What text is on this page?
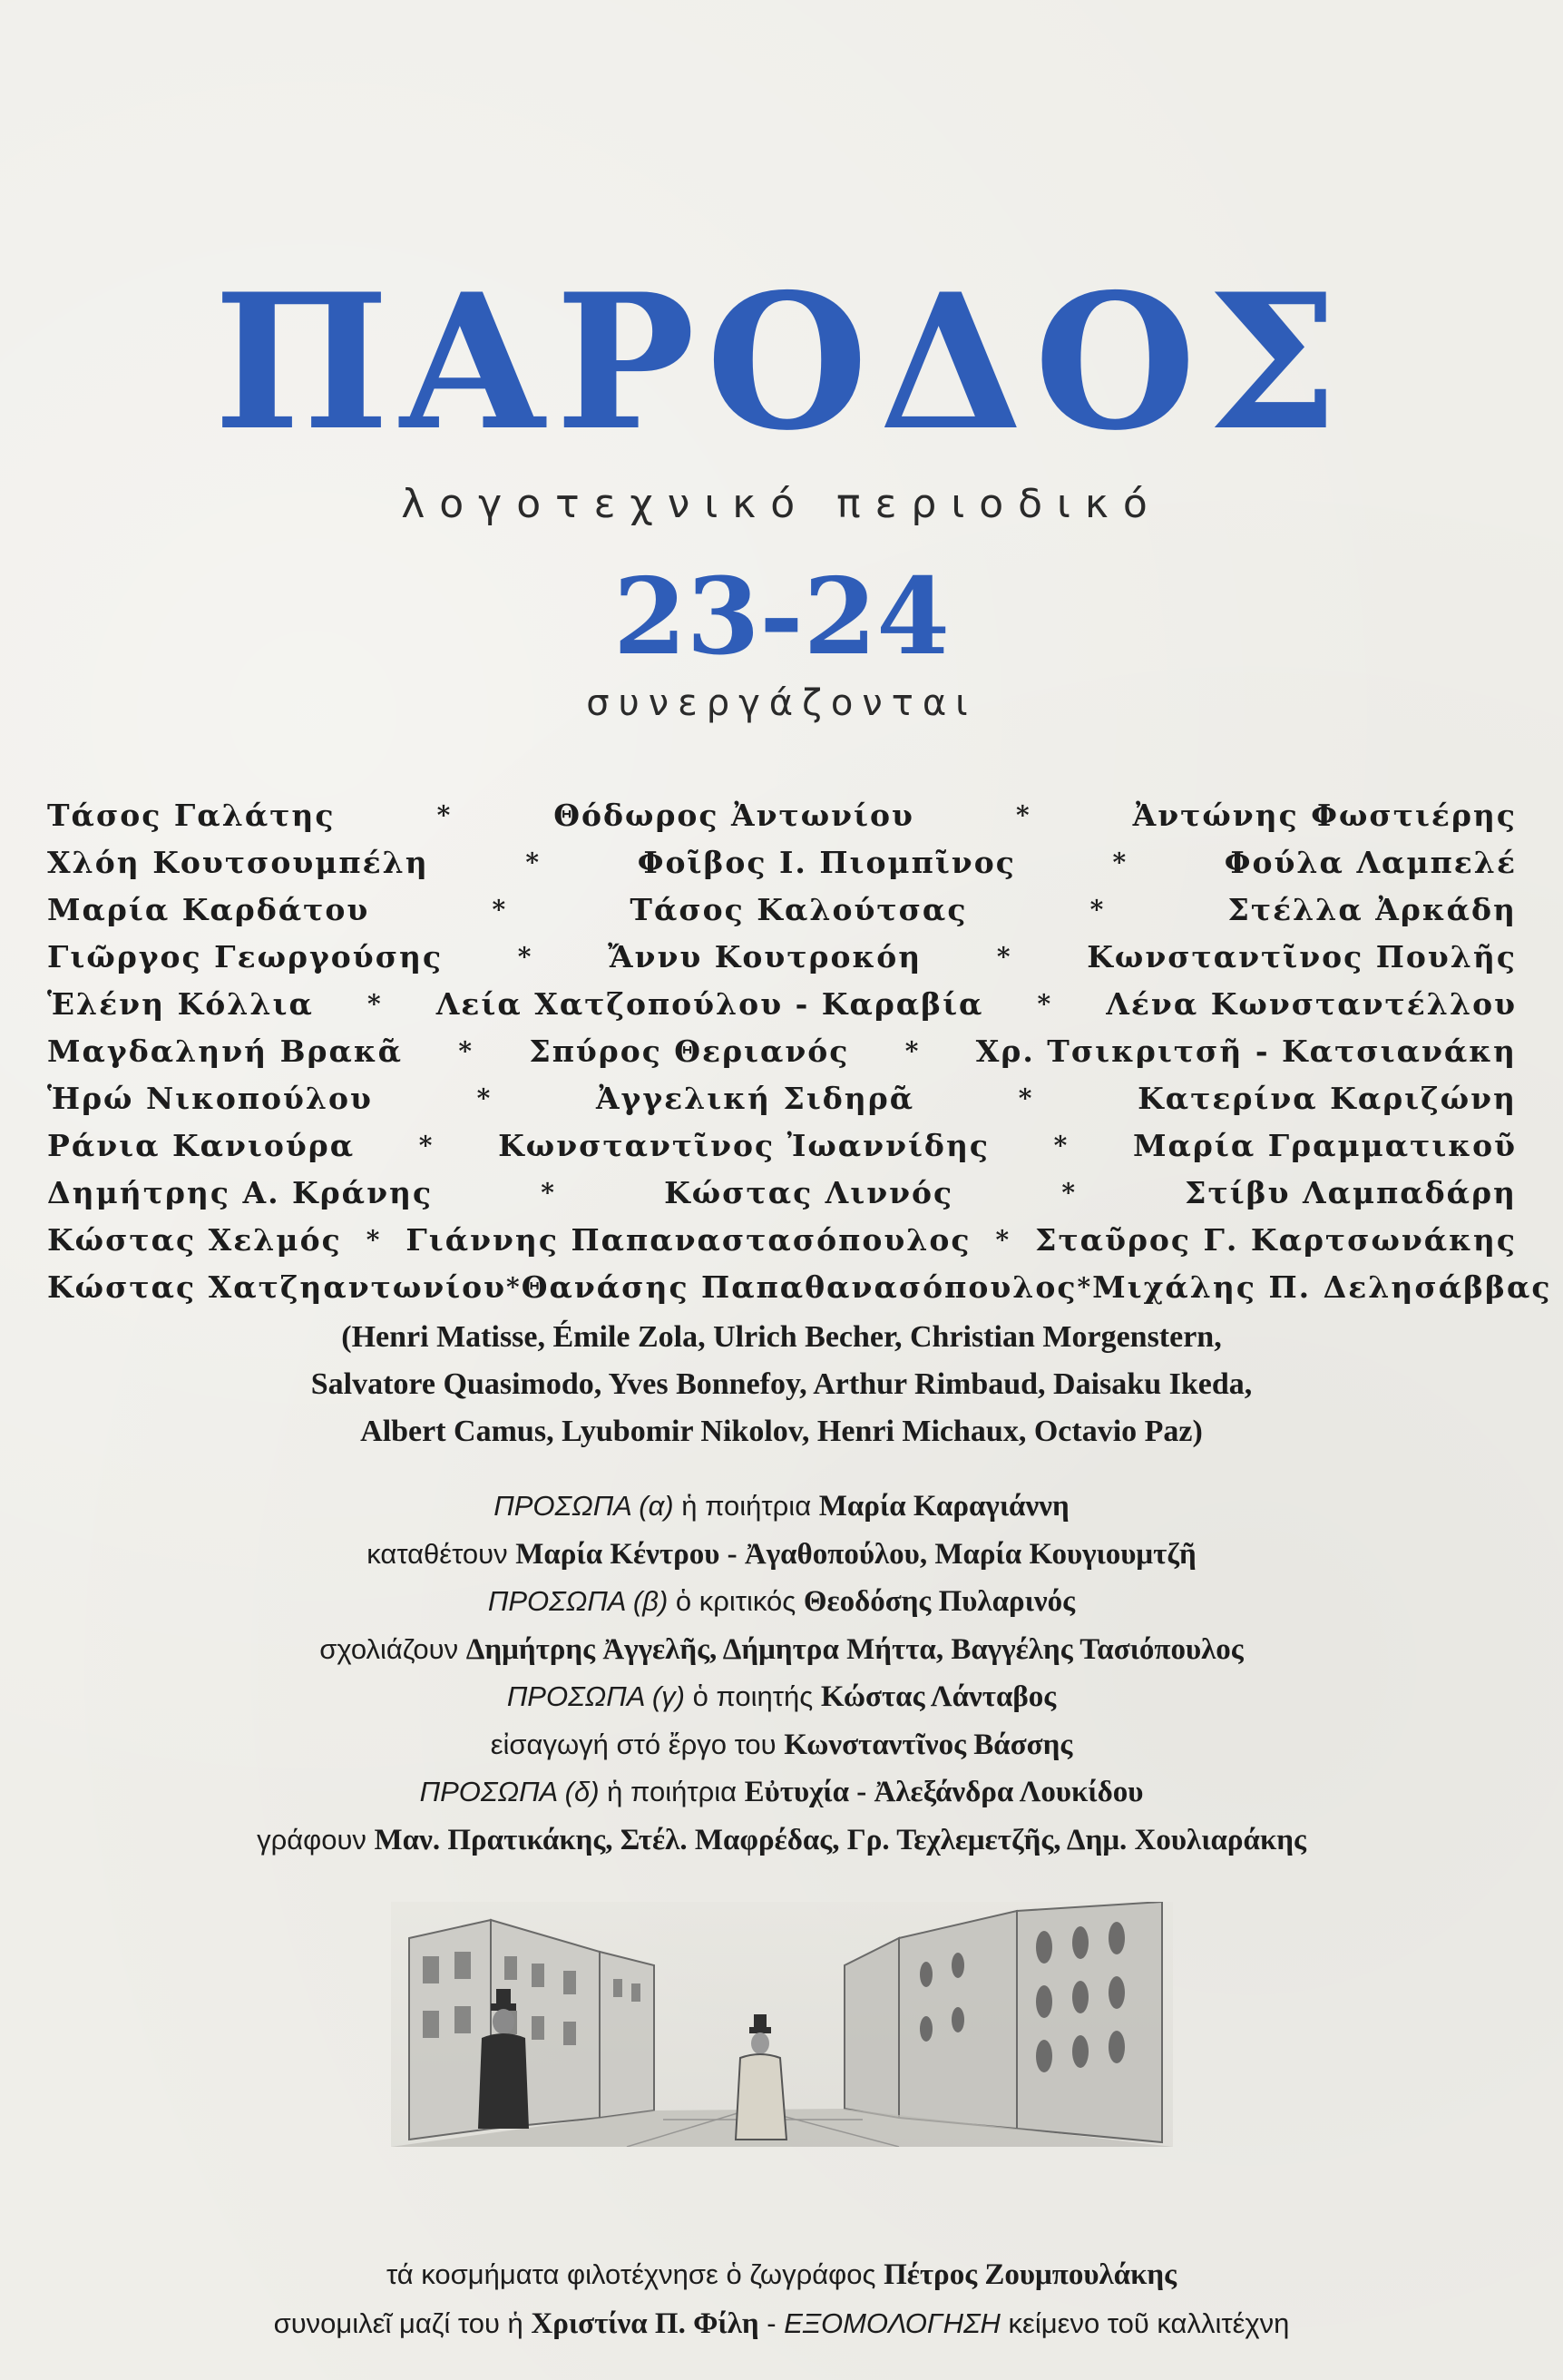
ΠΑΡΟΔΟΣ
λογοτεχνικό περιοδικό
23-24
συνεργάζονται
Τάσος Γαλάτης	*	Θόδωρος Ἀντωνίου	*	Ἀντώνης Φωστιέρης
Χλόη Κουτσουμπέλη	*	Φοῖβος Ι. Πιομπῖνος	*	Φούλα Λαμπελέ
Μαρία Καρδάτου	*	Τάσος Καλούτσας	*	Στέλλα Ἀρκάδη
Γιῶργος Γεωργούσης	*	Ἄννυ Κουτροκόη	*	Κωνσταντῖνος Πουλῆς
Ἑλένη Κόλλια	*	Λεία Χατζοπούλου - Καραβία	*	Λένα Κωνσταντέλλου
Μαγδαληνή Βρακᾶ	*	Σπύρος Θεριανός	*	Χρ. Τσικριτσῆ - Κατσιανάκη
Ἡρώ Νικοπούλου	*	Ἀγγελική Σιδηρᾶ	*	Κατερίνα Καριζώνη
Ράνια Κανιούρα	*	Κωνσταντῖνος Ἰωαννίδης	*	Μαρία Γραμματικοῦ
Δημήτρης Α. Κράνης	*	Κώστας Λιννός	*	Στίβυ Λαμπαδάρη
Κώστας Χελμός * Γιάννης Παπαναστασόπουλος * Σταῦρος Γ. Καρτσωνάκης
Κώστας Χατζηαντωνίου * Θανάσης Παπαθανασόπουλος * Μιχάλης Π. Δελησάββας
(Henri Matisse, Émile Zola, Ulrich Becher, Christian Morgenstern,
Salvatore Quasimodo, Yves Bonnefoy, Arthur Rimbaud, Daisaku Ikeda,
Albert Camus, Lyubomir Nikolov, Henri Michaux, Octavio Paz)
ΠΡΟΣΩΠΑ (α) ἡ ποιήτρια Μαρία Καραγιάννη
καταθέτουν Μαρία Κέντρου - Ἀγαθοπούλου, Μαρία Κουγιουμτζῆ
ΠΡΟΣΩΠΑ (β) ὁ κριτικός Θεοδόσης Πυλαρινός
σχολιάζουν Δημήτρης Ἀγγελῆς, Δήμητρα Μήττα, Βαγγέλης Τασιόπουλος
ΠΡΟΣΩΠΑ (γ) ὁ ποιητής Κώστας Λάνταβος
εἰσαγωγή στό ἔργο του Κωνσταντῖνος Βάσσης
ΠΡΟΣΩΠΑ (δ) ἡ ποιήτρια Εὐτυχία - Ἀλεξάνδρα Λουκίδου
γράφουν Μαν. Πρατικάκης, Στέλ. Μαφρέδας, Γρ. Τεχλεμετζῆς, Δημ. Χουλιαράκης
τά κοσμήματα φιλοτέχνησε ὁ ζωγράφος Πέτρος Ζουμπουλάκης
συνομιλεῖ μαζί του ἡ Χριστίνα Π. Φίλη - ΕΞΟΜΟΛΟΓΗΣΗ κείμενο τοῦ καλλιτέχνη
